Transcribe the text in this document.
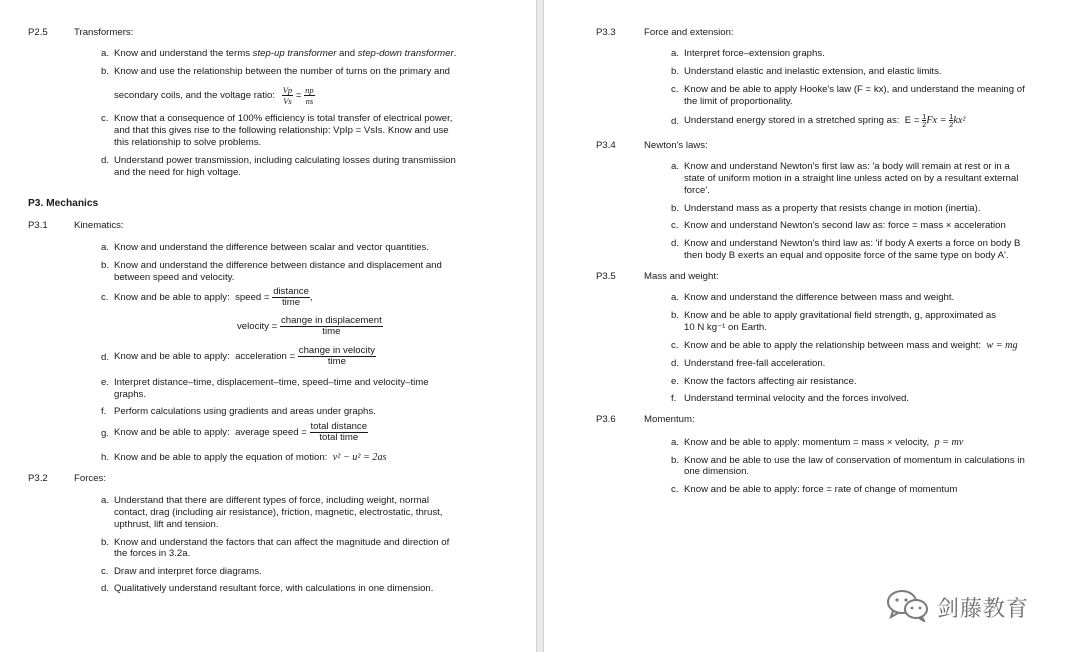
P2.5	Transformers:
a. Know and understand the terms step-up transformer and step-down transformer.
b. Know and use the relationship between the number of turns on the primary and
secondary coils, and the voltage ratio: $\frac{Vp}{Vs} = \frac{np}{ns}$
c. Know that a consequence of 100% efficiency is total transfer of electrical power,
and that this gives rise to the following relationship: VpIp = VsIs. Know and use
this relationship to solve problems.
d. Understand power transmission, including calculating losses during transmission
and the need for high voltage.
P3. Mechanics
P3.1	Kinematics:
a. Know and understand the difference between scalar and vector quantities.
b. Know and understand the difference between distance and displacement and
between speed and velocity.
c. Know and be able to apply: speed = $\frac{\text{distance}}{\text{time}}$ ,
velocity = $\frac{\text{change in displacement}}{\text{time}}$
d. Know and be able to apply: acceleration = $\frac{\text{change in velocity}}{\text{time}}$
e. Interpret distance–time, displacement–time, speed–time and velocity–time
graphs.
f. Perform calculations using gradients and areas under graphs.
g. Know and be able to apply: average speed = $\frac{\text{total distance}}{\text{total time}}$
h. Know and be able to apply the equation of motion: v² − u² = 2as
P3.2	Forces:
a. Understand that there are different types of force, including weight, normal
contact, drag (including air resistance), friction, magnetic, electrostatic, thrust,
upthrust, lift and tension.
b. Know and understand the factors that can affect the magnitude and direction of
the forces in 3.2a.
c. Draw and interpret force diagrams.
d. Qualitatively understand resultant force, with calculations in one dimension.
P3.3	Force and extension:
a. Interpret force–extension graphs.
b. Understand elastic and inelastic extension, and elastic limits.
c. Know and be able to apply Hooke's law (F = kx), and understand the meaning of
the limit of proportionality.
d. Understand energy stored in a stretched spring as: $E = \frac{1}{2}$ $Fx = \frac{1}{2} kx^2$
P3.4	Newton's laws:
a. Know and understand Newton's first law as: 'a body will remain at rest or in a
state of uniform motion in a straight line unless acted on by a resultant external
force'.
b. Understand mass as a property that resists change in motion (inertia).
c. Know and understand Newton's second law as: force = mass × acceleration
d. Know and understand Newton's third law as: 'if body A exerts a force on body B
then body B exerts an equal and opposite force of the same type on body A'.
P3.5	Mass and weight:
a. Know and understand the difference between mass and weight.
b. Know and be able to apply gravitational field strength, g, approximated as
10 N kg⁻¹ on Earth.
c. Know and be able to apply the relationship between mass and weight: w = mg
d. Understand free-fall acceleration.
e. Know the factors affecting air resistance.
f. Understand terminal velocity and the forces involved.
P3.6	Momentum:
a. Know and be able to apply: momentum = mass × velocity, p = mv
b. Know and be able to use the law of conservation of momentum in calculations in
one dimension.
c. Know and be able to apply: force = rate of change of momentum
剑藤教育
